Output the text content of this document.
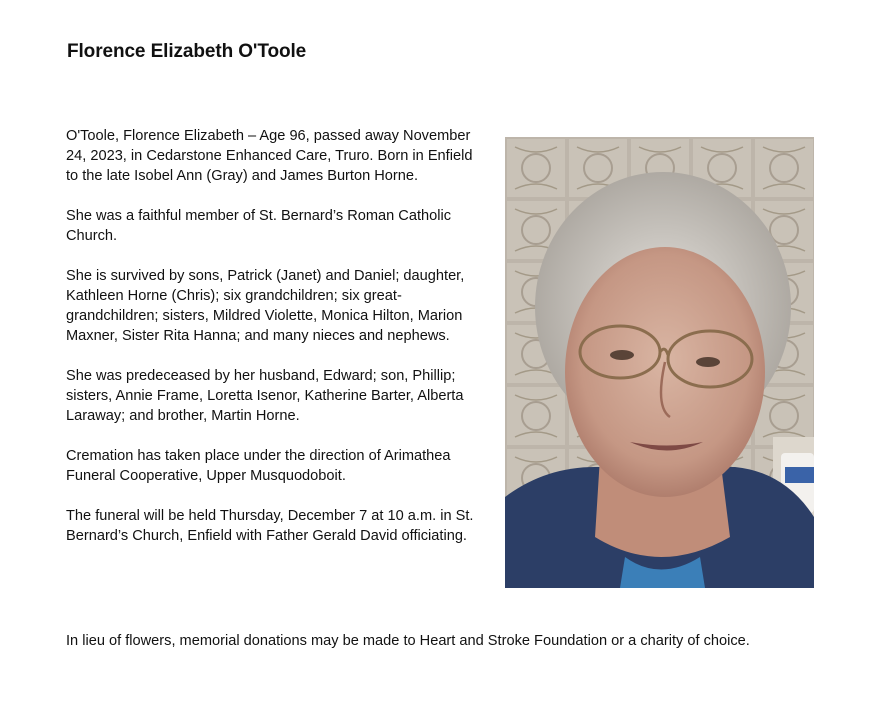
Florence Elizabeth O'Toole

O'Toole, Florence Elizabeth – Age 96, passed away November 24, 2023, in Cedarstone Enhanced Care, Truro. Born in Enfield to the late Isobel Ann (Gray) and James Burton Horne.

She was a faithful member of St. Bernard’s Roman Catholic Church.

She is survived by sons, Patrick (Janet) and Daniel; daughter, Kathleen Horne (Chris); six grandchildren; six great-grandchildren; sisters, Mildred Violette, Monica Hilton, Marion Maxner, Sister Rita Hanna; and many nieces and nephews.

She was predeceased by her husband, Edward; son, Phillip; sisters, Annie Frame, Loretta Isenor, Katherine Barter, Alberta Laraway; and brother, Martin Horne.

Cremation has taken place under the direction of Arimathea Funeral Cooperative, Upper Musquodoboit.

The funeral will be held Thursday, December 7 at 10 a.m. in St. Bernard’s Church, Enfield with Father Gerald David officiating.

In lieu of flowers, memorial donations may be made to Heart and Stroke Foundation or a charity of choice.
